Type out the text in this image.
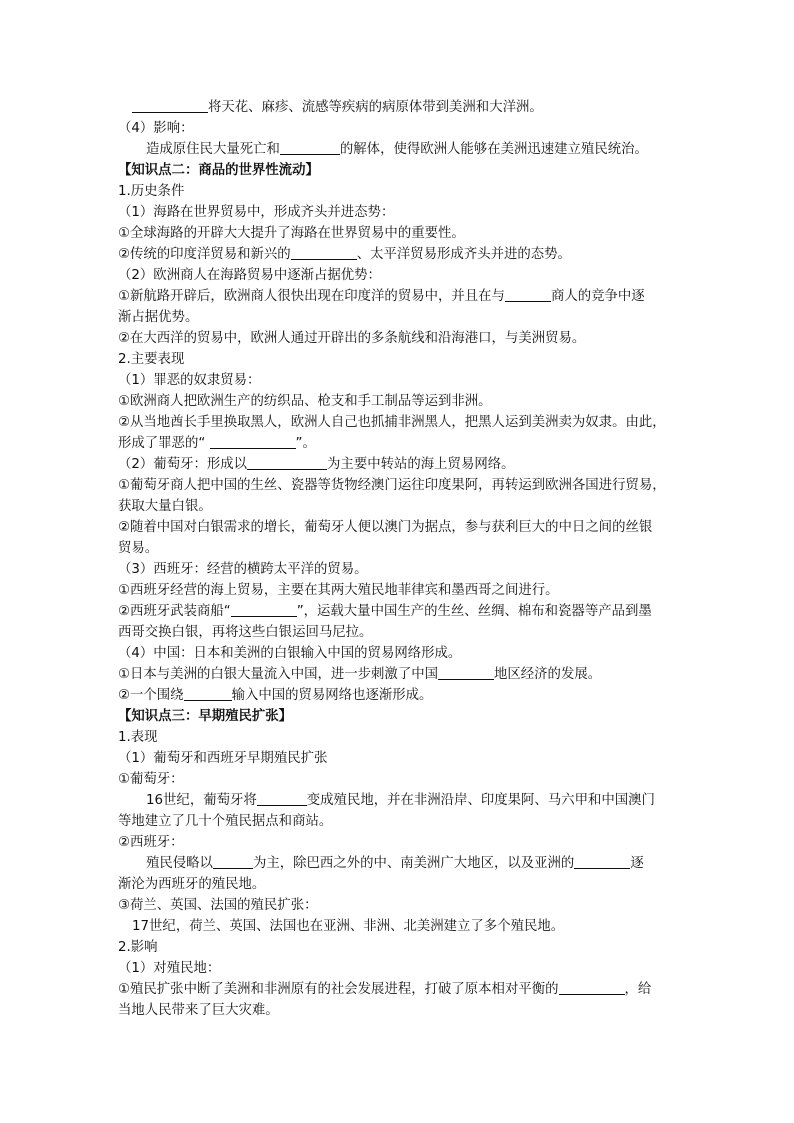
将天花、麻疹、流感等疾病的病原体带到美洲和大洋洲。
（4）影响：
造成原住民大量死亡和	的解体，使得欧洲人能够在美洲迅速建立殖民统治。
【知识点二：商品的世界性流动】
1.历史条件
（1）海路在世界贸易中，形成齐头并进态势：
①全球海路的开辟大大提升了海路在世界贸易中的重要性。
②传统的印度洋贸易和新兴的	、太平洋贸易形成齐头并进的态势。
（2）欧洲商人在海路贸易中逐渐占据优势：
①新航路开辟后，欧洲商人很快出现在印度洋的贸易中，并且在与	商人的竞争中逐
渐占据优势。
②在大西洋的贸易中，欧洲人通过开辟出的多条航线和沿海港口，与美洲贸易。
2.主要表现
（1）罪恶的奴隶贸易：
①欧洲商人把欧洲生产的纺织品、枪支和手工制品等运到非洲。
②从当地酋长手里换取黑人，欧洲人自己也抓捕非洲黑人，把黑人运到美洲卖为奴隶。由此，
形成了罪恶的“	”。
（2）葡萄牙：形成以	为主要中转站的海上贸易网络。
①葡萄牙商人把中国的生丝、瓷器等货物经澳门运往印度果阿，再转运到欧洲各国进行贸易，
获取大量白银。
②随着中国对白银需求的增长，葡萄牙人便以澳门为据点，参与获利巨大的中日之间的丝银
贸易。
（3）西班牙：经营的横跨太平洋的贸易。
①西班牙经营的海上贸易，主要在其两大殖民地菲律宾和墨西哥之间进行。
②西班牙武装商船“	”，运载大量中国生产的生丝、丝绸、棉布和瓷器等产品到墨
西哥交换白银，再将这些白银运回马尼拉。
（4）中国：日本和美洲的白银输入中国的贸易网络形成。
①日本与美洲的白银大量流入中国，进一步刺激了中国	地区经济的发展。
②一个围绕	输入中国的贸易网络也逐渐形成。
【知识点三：早期殖民扩张】
1.表现
（1）葡萄牙和西班牙早期殖民扩张
①葡萄牙：
16世纪，葡萄牙将	变成殖民地，并在非洲沿岸、印度果阿、马六甲和中国澳门
等地建立了几十个殖民据点和商站。
②西班牙：
殖民侵略以	为主，除巴西之外的中、南美洲广大地区，以及亚洲的	逐
渐沦为西班牙的殖民地。
③荷兰、英国、法国的殖民扩张：
17世纪，荷兰、英国、法国也在亚洲、非洲、北美洲建立了多个殖民地。
2.影响
（1）对殖民地：
①殖民扩张中断了美洲和非洲原有的社会发展进程，打破了原本相对平衡的	，给
当地人民带来了巨大灾难。
